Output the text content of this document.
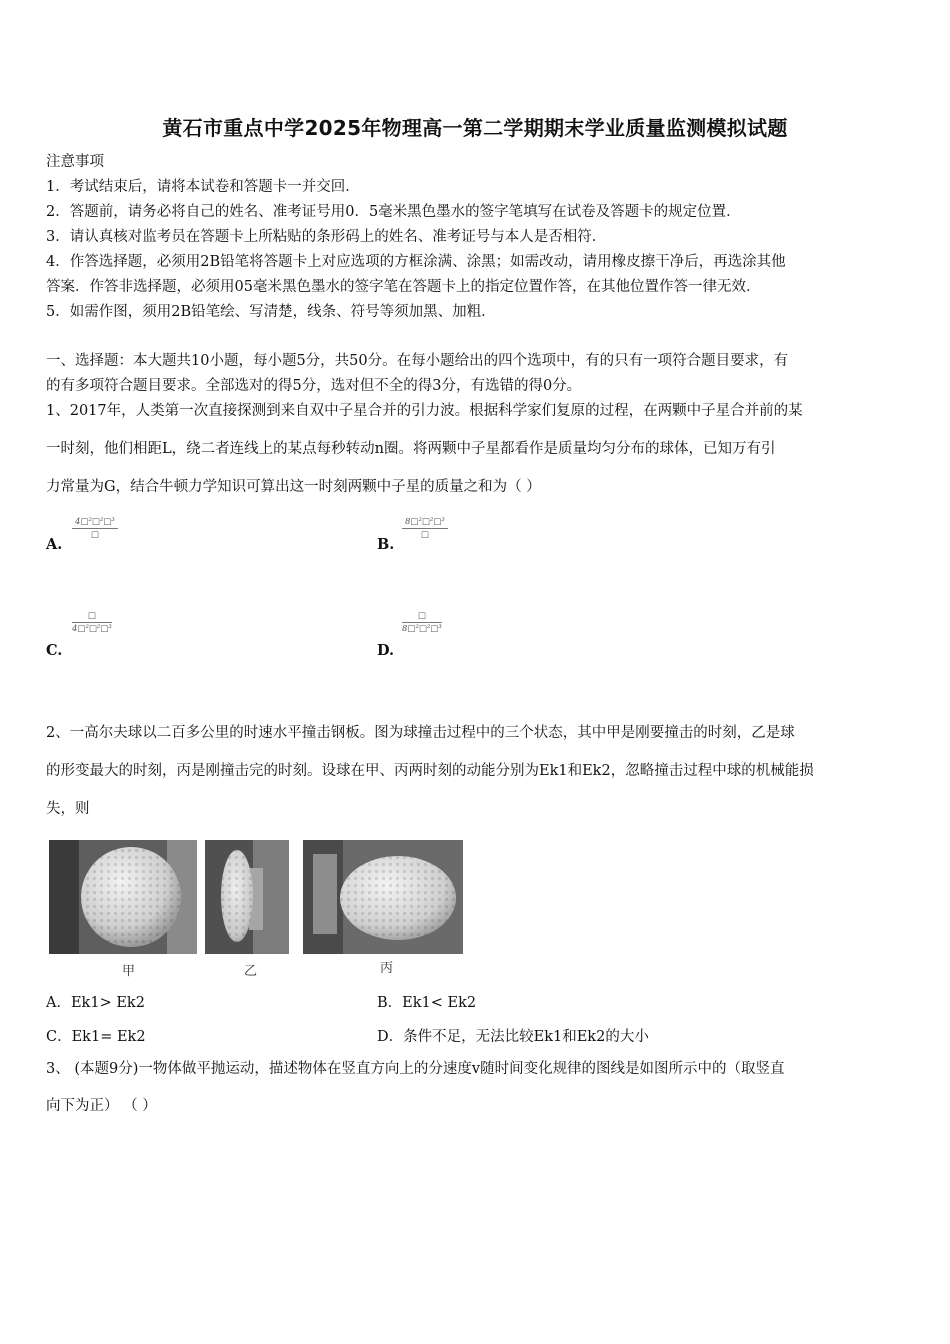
黄石市重点中学2025年物理高一第二学期期末学业质量监测模拟试题
注意事项
1．考试结束后，请将本试卷和答题卡一并交回．
2．答题前，请务必将自己的姓名、准考证号用0．5毫米黑色墨水的签字笔填写在试卷及答题卡的规定位置．
3．请认真核对监考员在答题卡上所粘贴的条形码上的姓名、准考证号与本人是否相符．
4．作答选择题，必须用2B铅笔将答题卡上对应选项的方框涂满、涂黑；如需改动，请用橡皮擦干净后，再选涂其他
答案．作答非选择题，必须用05毫米黑色墨水的签字笔在答题卡上的指定位置作答，在其他位置作答一律无效．
5．如需作图，须用2B铅笔绘、写清楚，线条、符号等须加黑、加粗．
一、选择题：本大题共10小题，每小题5分，共50分。在每小题给出的四个选项中，有的只有一项符合题目要求，有
的有多项符合题目要求。全部选对的得5分，选对但不全的得3分，有选错的得0分。
1、2017年，人类第一次直接探测到来自双中子星合并的引力波。根据科学家们复原的过程，在两颗中子星合并前的某
一时刻，他们相距L，绕二者连线上的某点每秒转动n圈。将两颗中子星都看作是质量均匀分布的球体，已知万有引
力常量为G，结合牛顿力学知识可算出这一时刻两颗中子星的质量之和为（ ）
A.
4□²□²□³
□
B.
8□²□²□³
□
C.
□
4□²□²□³
D.
□
8□²□²□³
2、一高尔夫球以二百多公里的时速水平撞击钢板。图为球撞击过程中的三个状态，其中甲是刚要撞击的时刻，乙是球
的形变最大的时刻，丙是刚撞击完的时刻。设球在甲、丙两时刻的动能分别为Ek1和Ek2，忽略撞击过程中球的机械能损
失，则
甲	乙	丙
A．Ek1> Ek2	B．Ek1< Ek2
C．Ek1= Ek2	D．条件不足，无法比较Ek1和Ek2的大小
3、 (本题9分)一物体做平抛运动，描述物体在竖直方向上的分速度v随时间变化规律的图线是如图所示中的（取竖直
向下为正） （ ）
